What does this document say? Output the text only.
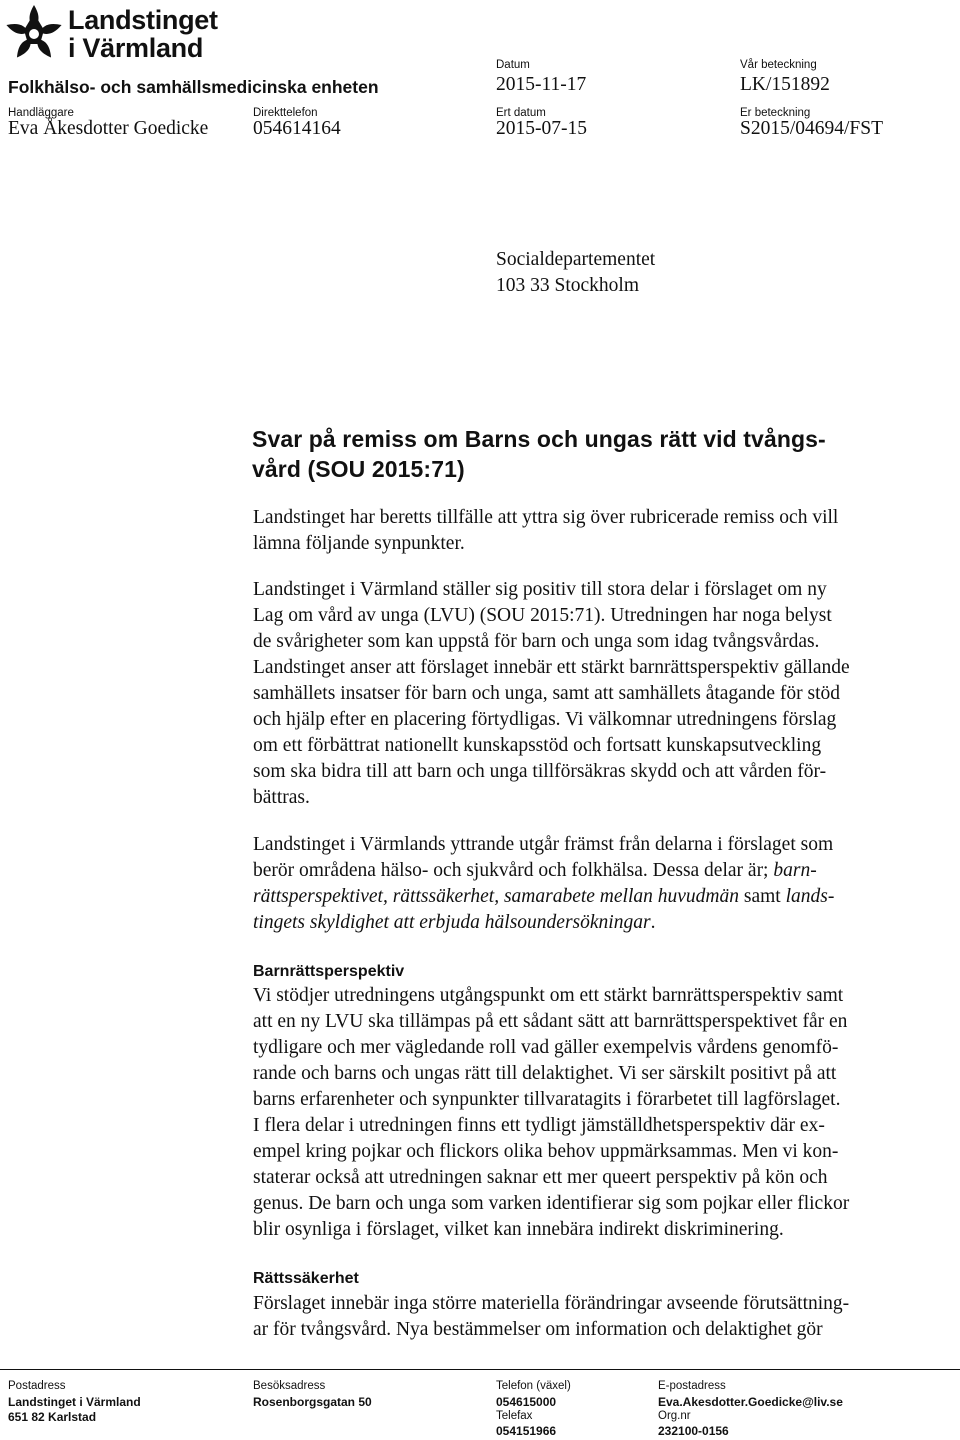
Landstinget
i Värmland
Folkhälso- och samhällsmedicinska enheten
Handläggare
Eva Åkesdotter Goedicke
Direkttelefon
054614164
Datum
2015-11-17
Ert datum
2015-07-15
Vår beteckning
LK/151892
Er beteckning
S2015/04694/FST
Socialdepartementet
103 33 Stockholm
Svar på remiss om Barns och ungas rätt vid tvångs-
vård (SOU 2015:71)
Landstinget har beretts tillfälle att yttra sig över rubricerade remiss och vill
lämna följande synpunkter.
Landstinget i Värmland ställer sig positiv till stora delar i förslaget om ny
Lag om vård av unga (LVU) (SOU 2015:71). Utredningen har noga belyst
de svårigheter som kan uppstå för barn och unga som idag tvångsvårdas.
Landstinget anser att förslaget innebär ett stärkt barnrättsperspektiv gällande
samhällets insatser för barn och unga, samt att samhällets åtagande för stöd
och hjälp efter en placering förtydligas. Vi välkomnar utredningens förslag
om ett förbättrat nationellt kunskapsstöd och fortsatt kunskapsutveckling
som ska bidra till att barn och unga tillförsäkras skydd och att vården för-
bättras.
Landstinget i Värmlands yttrande utgår främst från delarna i förslaget som
berör områdena hälso- och sjukvård och folkhälsa. Dessa delar är; barn-
rättsperspektivet, rättssäkerhet, samarabete mellan huvudmän samt lands-
tingets skyldighet att erbjuda hälsoundersökningar.
Barnrättsperspektiv
Vi stödjer utredningens utgångspunkt om ett stärkt barnrättsperspektiv samt
att en ny LVU ska tillämpas på ett sådant sätt att barnrättsperspektivet får en
tydligare och mer vägledande roll vad gäller exempelvis vårdens genomfö-
rande och barns och ungas rätt till delaktighet. Vi ser särskilt positivt på att
barns erfarenheter och synpunkter tillvaratagits i förarbetet till lagförslaget.
I flera delar i utredningen finns ett tydligt jämställdhetsperspektiv där ex-
empel kring pojkar och flickors olika behov uppmärksammas. Men vi kon-
staterar också att utredningen saknar ett mer queert perspektiv på kön och
genus. De barn och unga som varken identifierar sig som pojkar eller flickor
blir osynliga i förslaget, vilket kan innebära indirekt diskriminering.
Rättssäkerhet
Förslaget innebär inga större materiella förändringar avseende förutsättning-
ar för tvångsvård. Nya bestämmelser om information och delaktighet gör
Postadress
Landstinget i Värmland
651 82 Karlstad
Besöksadress
Rosenborgsgatan 50
Telefon (växel)
054615000
Telefax
054151966
E-postadress
Eva.Akesdotter.Goedicke@liv.se
Org.nr
232100-0156
